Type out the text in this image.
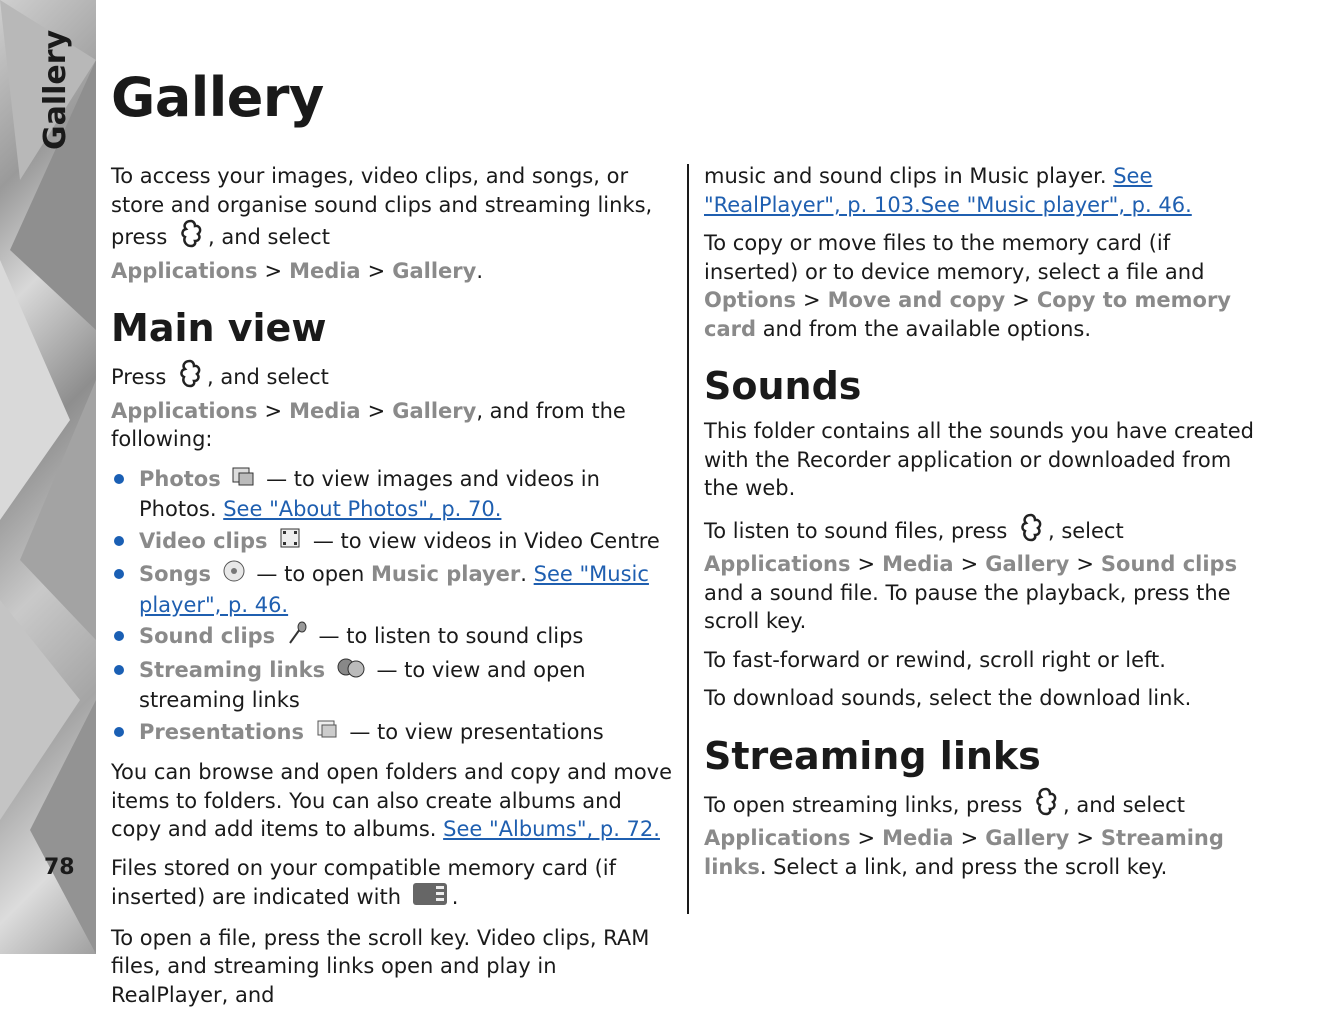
78
Gallery

To access your images, video clips, and songs, or store and organise sound clips and streaming links, press , and select Applications > Media > Gallery.

Main view

Press , and select Applications > Media > Gallery, and from the following:

Photos  — to view images and videos in Photos. See "About Photos", p. 70.
Video clips  — to view videos in Video Centre
Songs  — to open Music player. See "Music player", p. 46.
Sound clips  — to listen to sound clips
Streaming links  — to view and open streaming links
Presentations  — to view presentations

You can browse and open folders and copy and move items to folders. You can also create albums and copy and add items to albums. See "Albums", p. 72.

Files stored on your compatible memory card (if inserted) are indicated with .

To open a file, press the scroll key. Video clips, RAM files, and streaming links open and play in RealPlayer, and

music and sound clips in Music player. See "RealPlayer", p. 103.See "Music player", p. 46.

To copy or move files to the memory card (if inserted) or to device memory, select a file and Options > Move and copy > Copy to memory card and from the available options.

Sounds

This folder contains all the sounds you have created with the Recorder application or downloaded from the web.

To listen to sound files, press , select Applications > Media > Gallery > Sound clips and a sound file. To pause the playback, press the scroll key.

To fast-forward or rewind, scroll right or left.

To download sounds, select the download link.

Streaming links

To open streaming links, press , and select Applications > Media > Gallery > Streaming links. Select a link, and press the scroll key.
